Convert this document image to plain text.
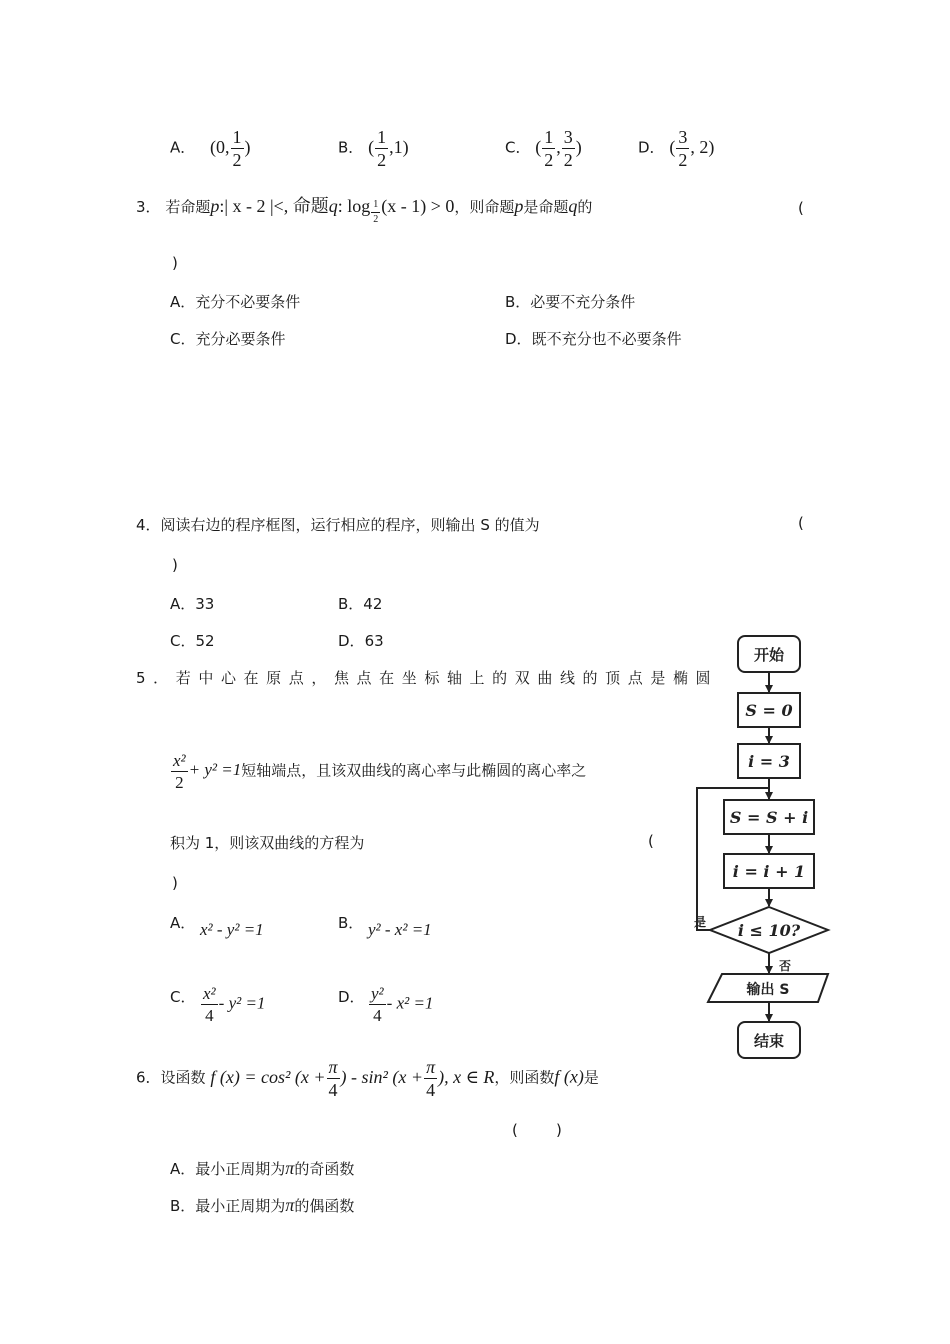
A． (0, $\frac{1}{2}$ )	B． ( $\frac{1}{2} ,1$)	C． ( $\frac{1}{2}$ , $\frac{3}{2}$ )	D． ( $\frac{3}{2}$ , 2)
3． 若命题p:| x - 2 |<, 命题q: $\log \frac{1}{2} (x - 1) > 0$，则命题p是命题q的	(
)
A．充分不必要条件	B．必要不充分条件
C．充分必要条件	D．既不充分也不必要条件
4．阅读右边的程序框图，运行相应的程序，则输出 S 的值为	(
)
A．33	B．42
C．52	D．63
5．若中心在原点，焦点在坐标轴上的双曲线的顶点是椭圆
$\frac{\text{x²}}{2} + y^2 =1$短轴端点，且该双曲线的离心率与此椭圆的离心率之
积为 1，则该双曲线的方程为	(
)
A． x² - y² =1	B． y² - x² =1
C． $\frac{\text{x²}}{4} - y^2 =1$	D． $\frac{\text{y²}}{4} - x^2 =1$
6．设函数 f (x) = cos² ($x + \frac{\pi}{4}$ ) - sin² ($x + \frac{\pi}{4}$ ), x ∈ R，则函数f (x)是
(        )
A．最小正周期为π的奇函数
B．最小正周期为π的偶函数
开始
S = 0
i = 3
S = S + i
i = i + 1
i ≤ 10?
是
否
输出 S
结束
